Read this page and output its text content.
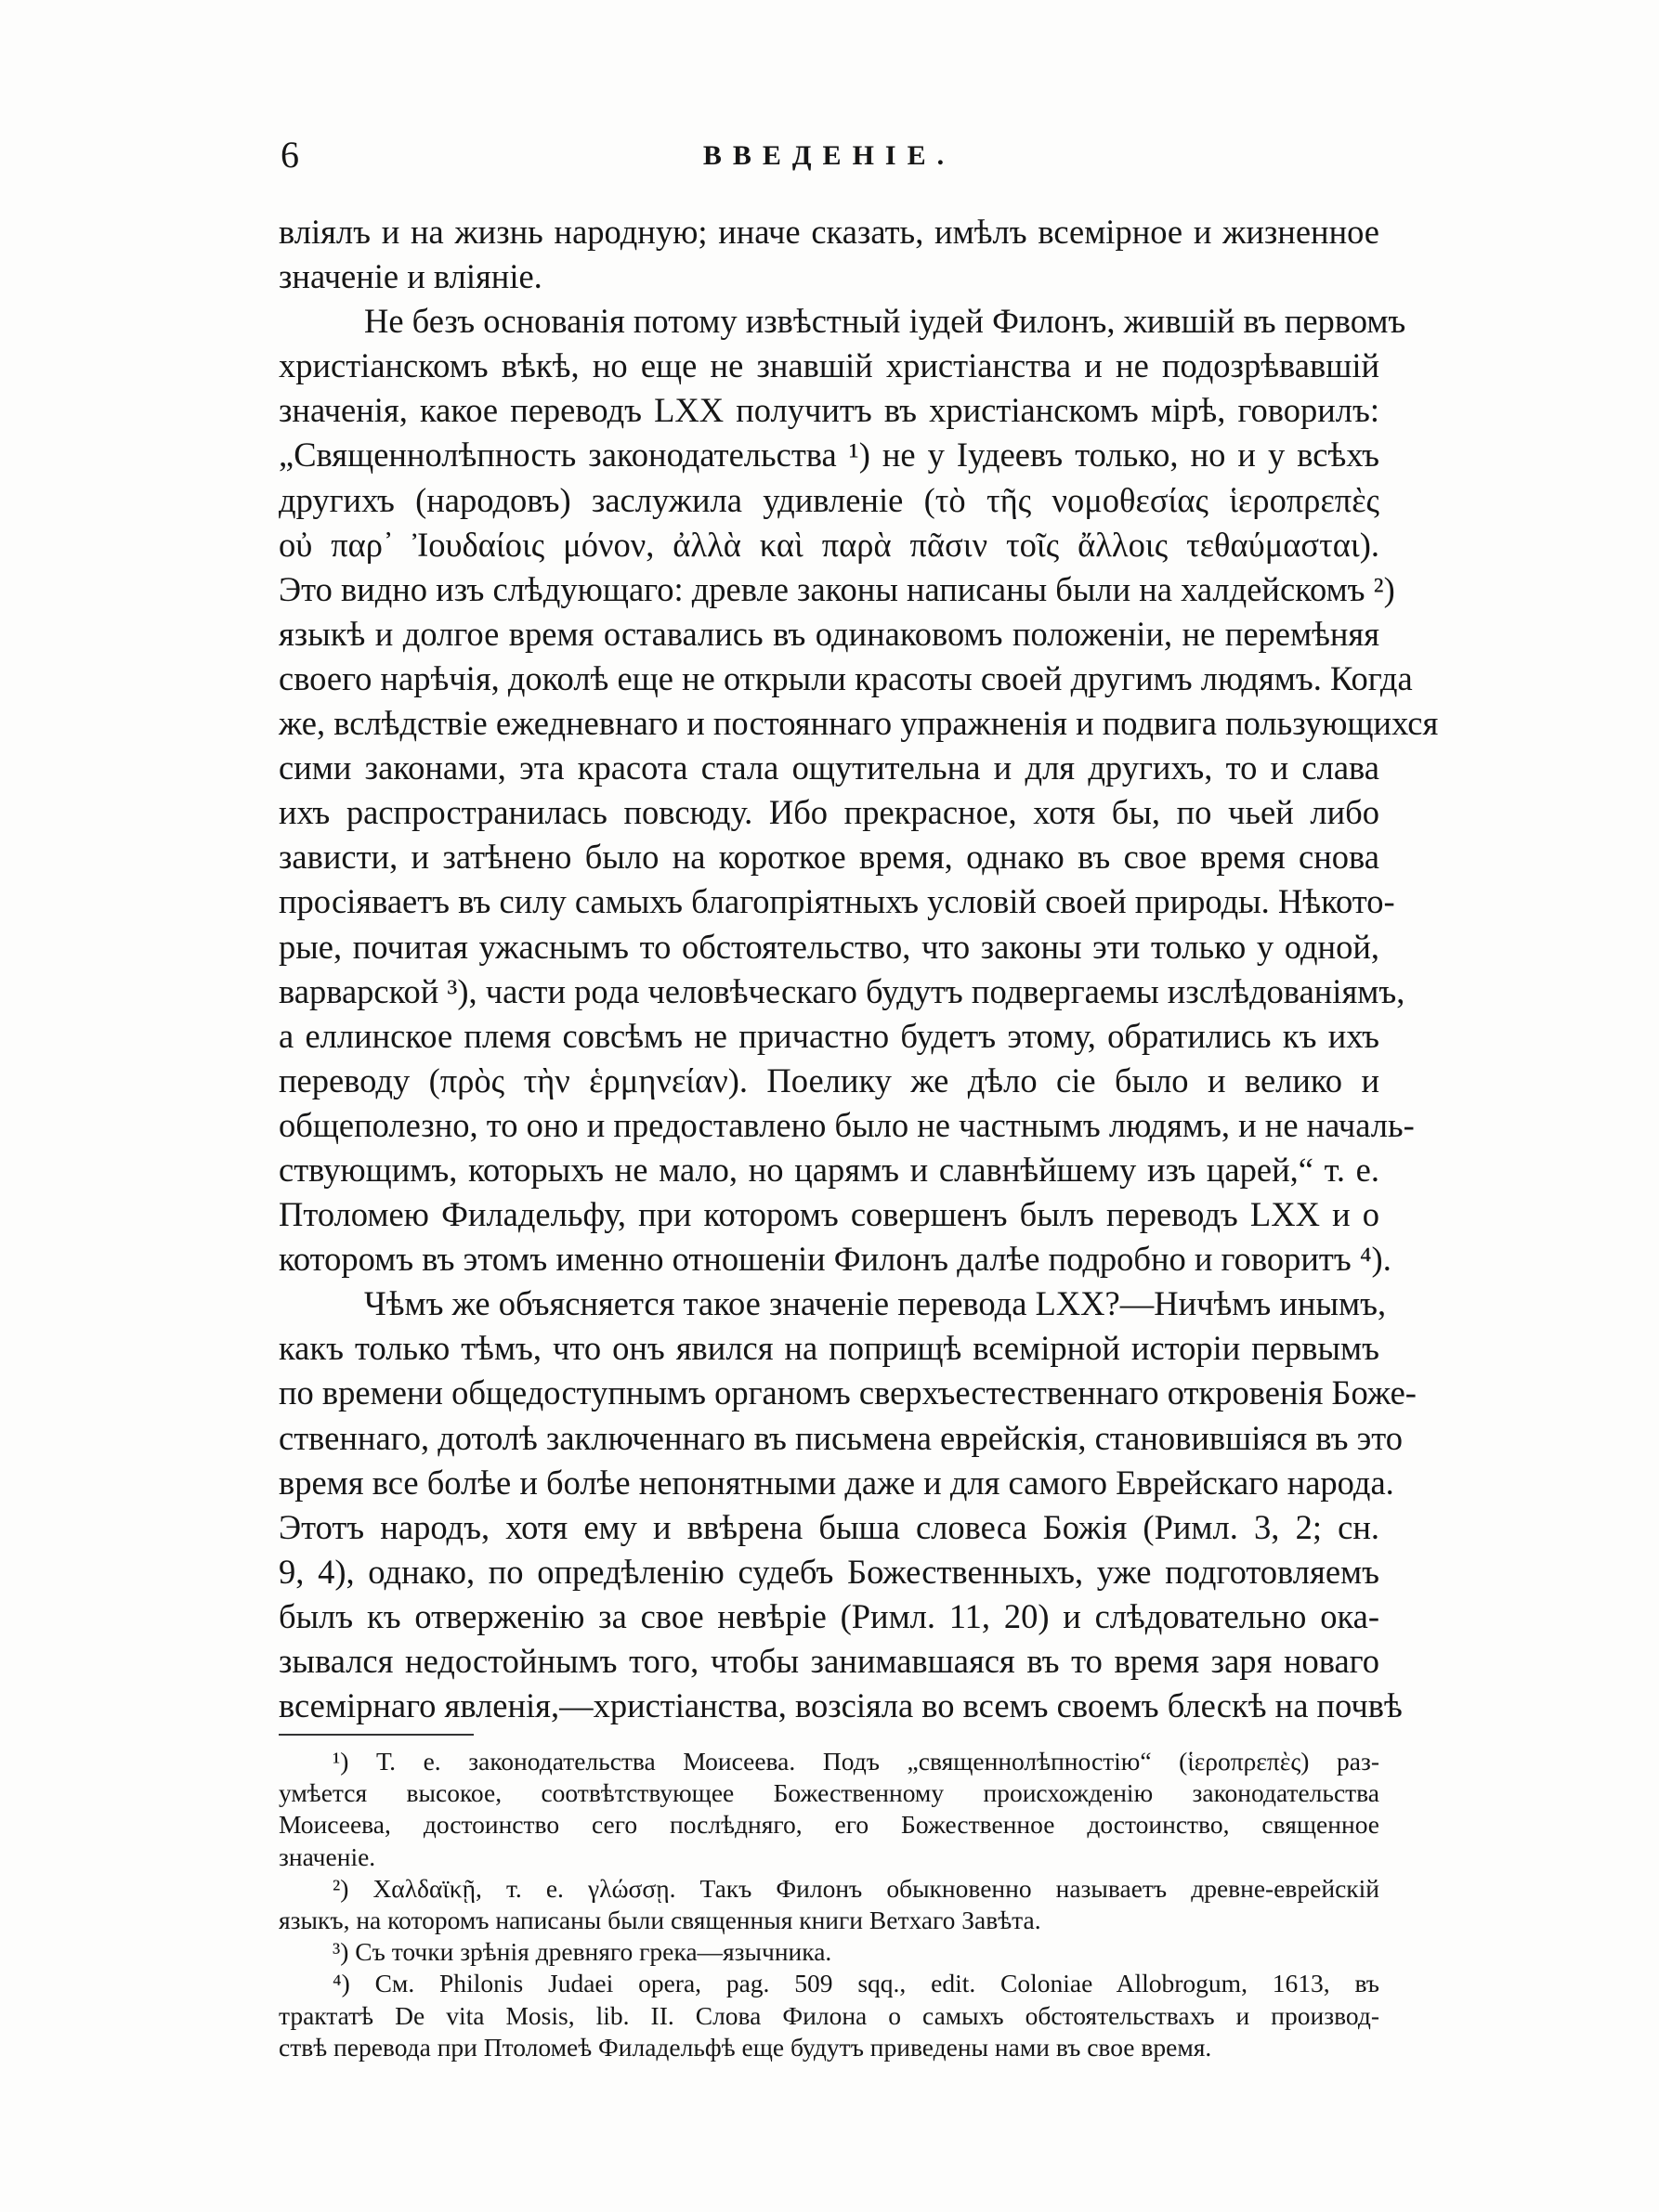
6	ВВЕДЕНІЕ.
вліялъ и на жизнь народную; иначе сказать, имѣлъ всемірное и жизненное
значеніе и вліяніе.
Не безъ основанія потому извѣстный іудей Филонъ, жившій въ первомъ
христіанскомъ вѣкѣ, но еще не знавшій христіанства и не подозрѣвавшій
значенія, какое переводъ LXX получитъ въ христіанскомъ мірѣ, говорилъ:
„Священнолѣпность законодательства ¹) не у Іудеевъ только, но и у всѣхъ
другихъ (народовъ) заслужила удивленіе (τὸ τῆς νομοθεσίας ἱεροπρεπὲς
οὐ παρ᾽ Ἰουδαίοις μόνον, ἀλλὰ καὶ παρὰ πᾶσιν τοῖς ἄλλοις τεθαύμασται).
Это видно изъ слѣдующаго: древле законы написаны были на халдейскомъ ²)
языкѣ и долгое время оставались въ одинаковомъ положеніи, не перемѣняя
своего нарѣчія, доколѣ еще не открыли красоты своей другимъ людямъ. Когда
же, вслѣдствіе ежедневнаго и постояннаго упражненія и подвига пользующихся
сими законами, эта красота стала ощутительна и для другихъ, то и слава
ихъ распространилась повсюду. Ибо прекрасное, хотя бы, по чьей либо
зависти, и затѣнено было на короткое время, однако въ свое время снова
просіяваетъ въ силу самыхъ благопріятныхъ условій своей природы. Нѣкото-
рые, почитая ужаснымъ то обстоятельство, что законы эти только у одной,
варварской ³), части рода человѣческаго будутъ подвергаемы изслѣдованіямъ,
а еллинское племя совсѣмъ не причастно будетъ этому, обратились къ ихъ
переводу (πρὸς τὴν ἑρμηνείαν). Поелику же дѣло сіе было и велико и
общеполезно, то оно и предоставлено было не частнымъ людямъ, и не началь-
ствующимъ, которыхъ не мало, но царямъ и славнѣйшему изъ царей,“ т. е.
Птоломею Филадельфу, при которомъ совершенъ былъ переводъ LXX и о
которомъ въ этомъ именно отношеніи Филонъ далѣе подробно и говоритъ ⁴).
Чѣмъ же объясняется такое значеніе перевода LXX?—Ничѣмъ инымъ,
какъ только тѣмъ, что онъ явился на поприщѣ всемірной исторіи первымъ
по времени общедоступнымъ органомъ сверхъестественнаго откровенія Боже-
ственнаго, дотолѣ заключеннаго въ письмена еврейскія, становившіяся въ это
время все болѣе и болѣе непонятными даже и для самого Еврейскаго народа.
Этотъ народъ, хотя ему и ввѣрена быша словеса Божія (Римл. 3, 2; сн.
9, 4), однако, по опредѣленію судебъ Божественныхъ, уже подготовляемъ
былъ къ отверженію за свое невѣріе (Римл. 11, 20) и слѣдовательно ока-
зывался недостойнымъ того, чтобы занимавшаяся въ то время заря новаго
всемірнаго явленія,—христіанства, возсіяла во всемъ своемъ блескѣ на почвѣ
¹) Т. е. законодательства Моисеева. Подъ „священнолѣпностію“ (ἱεροπρεπὲς) раз-
умѣется высокое, соотвѣтствующее Божественному происхожденію законодательства
Моисеева, достоинство сего послѣдняго, его Божественное достоинство, священное
значеніе.
²) Χαλδαϊκῇ, т. е. γλώσσῃ. Такъ Филонъ обыкновенно называетъ древне-еврейскій
языкъ, на которомъ написаны были священныя книги Ветхаго Завѣта.
³) Съ точки зрѣнія древняго грека—язычника.
⁴) См. Philonis Judaei opera, pag. 509 sqq., edit. Coloniae Allobrogum, 1613, въ
трактатѣ De vita Mosis, lib. II. Слова Филона о самыхъ обстоятельствахъ и производ-
ствѣ перевода при Птоломеѣ Филадельфѣ еще будутъ приведены нами въ свое время.
